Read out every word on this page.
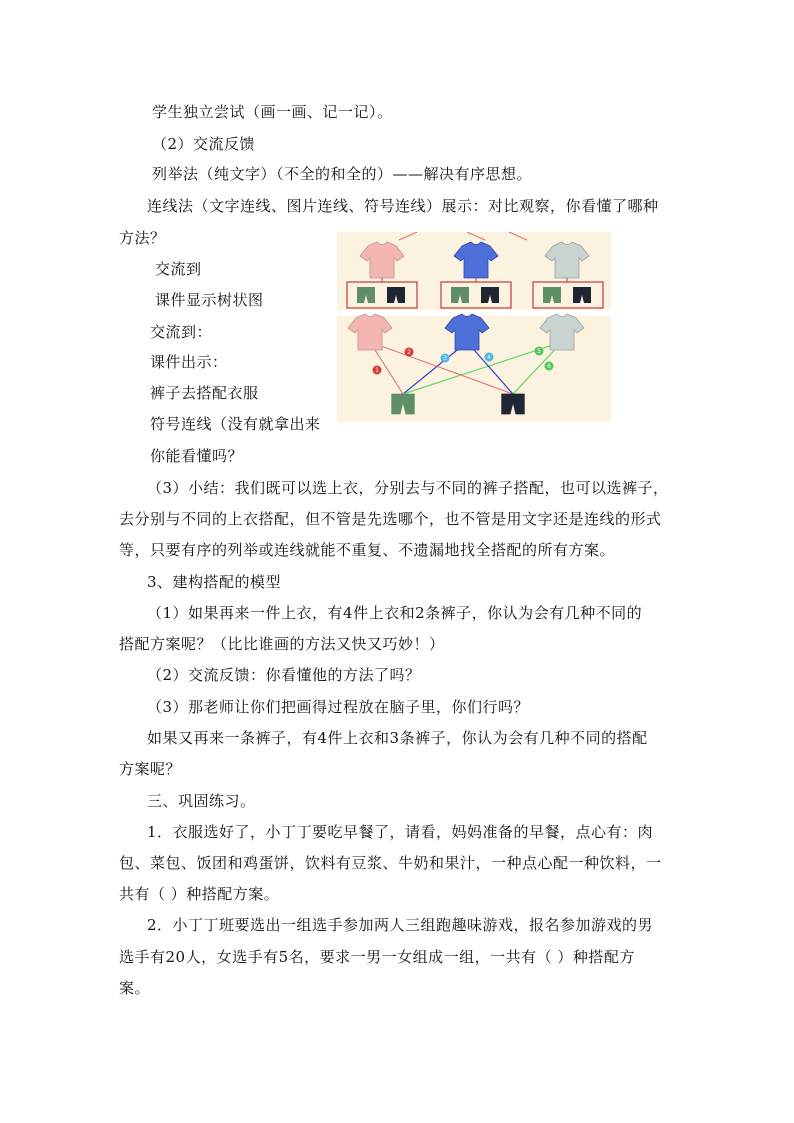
学生独立尝试（画一画、记一记）。
（2）交流反馈
列举法（纯文字）（不全的和全的）——解决有序思想。
连线法（文字连线、图片连线、符号连线）展示：对比观察，你看懂了哪种
方法？
交流到
课件显示树状图
交流到：
课件出示：
裤子去搭配衣服
符号连线（没有就拿出来
你能看懂吗？
（3）小结：我们既可以选上衣，分别去与不同的裤子搭配，也可以选裤子，
去分别与不同的上衣搭配，但不管是先选哪个，也不管是用文字还是连线的形式
等，只要有序的列举或连线就能不重复、不遗漏地找全搭配的所有方案。
3、建构搭配的模型
（1）如果再来一件上衣，有4件上衣和2条裤子，你认为会有几种不同的
搭配方案呢？（比比谁画的方法又快又巧妙！）
（2）交流反馈：你看懂他的方法了吗？
（3）那老师让你们把画得过程放在脑子里，你们行吗？
如果又再来一条裤子，有4件上衣和3条裤子，你认为会有几种不同的搭配
方案呢？
三、巩固练习。
1．衣服选好了，小丁丁要吃早餐了，请看，妈妈准备的早餐，点心有：肉
包、菜包、饭团和鸡蛋饼，饮料有豆浆、牛奶和果汁，一种点心配一种饮料，一
共有（ ）种搭配方案。
2．小丁丁班要选出一组选手参加两人三组跑趣味游戏，报名参加游戏的男
选手有20人，女选手有5名，要求一男一女组成一组，一共有（ ）种搭配方
案。
1
2
3	4
5
6
